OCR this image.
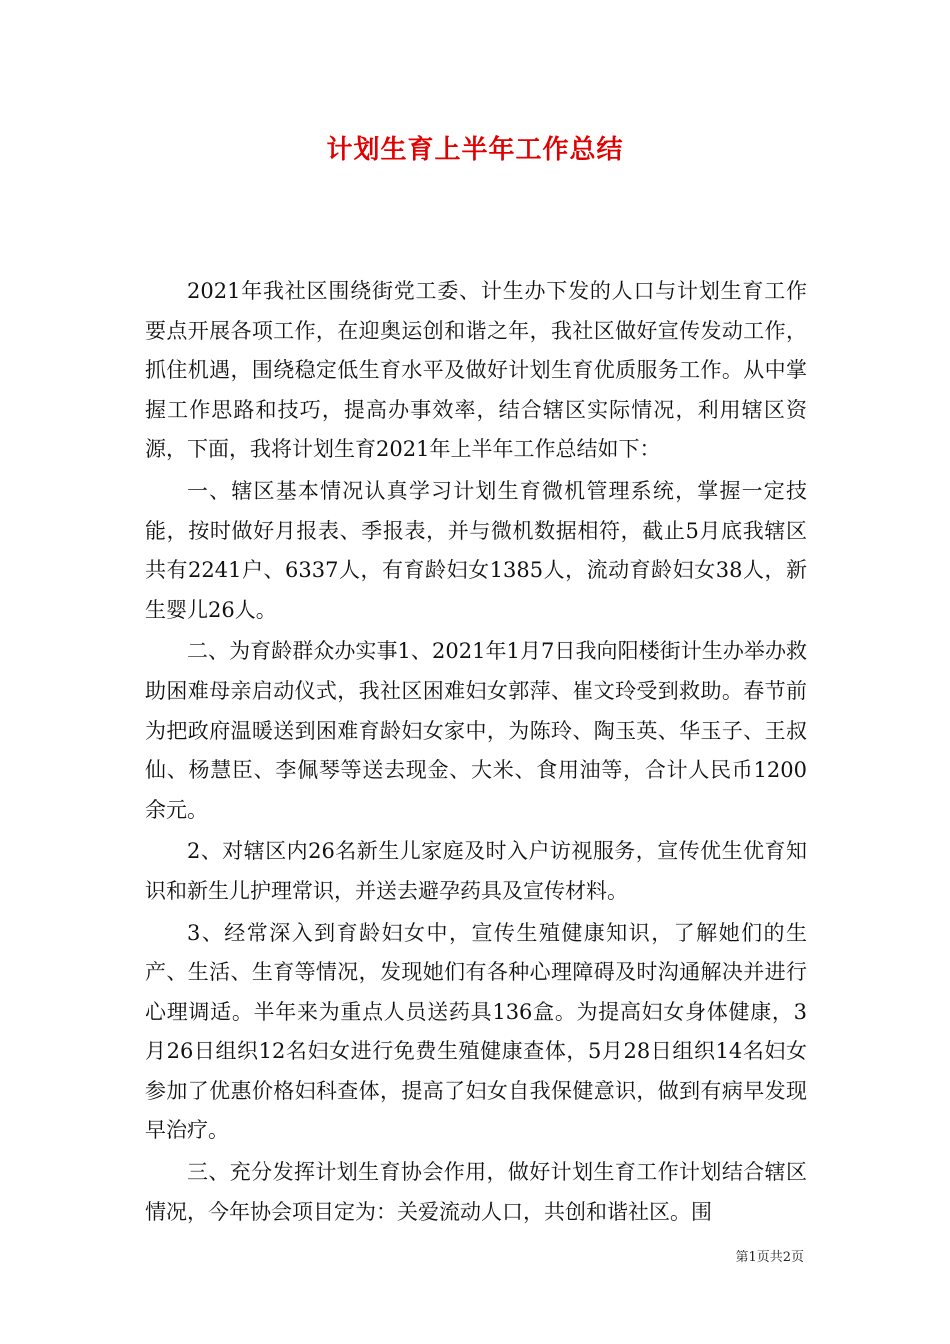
计划生育上半年工作总结

2021年我社区围绕街党工委、计生办下发的人口与计划生育工作要点开展各项工作，在迎奥运创和谐之年，我社区做好宣传发动工作，抓住机遇，围绕稳定低生育水平及做好计划生育优质服务工作。从中掌握工作思路和技巧，提高办事效率，结合辖区实际情况，利用辖区资源，下面，我将计划生育2021年上半年工作总结如下：

一、辖区基本情况认真学习计划生育微机管理系统，掌握一定技能，按时做好月报表、季报表，并与微机数据相符，截止5月底我辖区共有2241户、6337人，有育龄妇女1385人，流动育龄妇女38人，新生婴儿26人。

二、为育龄群众办实事1、2021年1月7日我向阳楼街计生办举办救助困难母亲启动仪式，我社区困难妇女郭萍、崔文玲受到救助。春节前为把政府温暖送到困难育龄妇女家中，为陈玲、陶玉英、华玉子、王叔仙、杨慧臣、李佩琴等送去现金、大米、食用油等，合计人民币1200余元。

2、对辖区内26名新生儿家庭及时入户访视服务，宣传优生优育知识和新生儿护理常识，并送去避孕药具及宣传材料。

3、经常深入到育龄妇女中，宣传生殖健康知识，了解她们的生产、生活、生育等情况，发现她们有各种心理障碍及时沟通解决并进行心理调适。半年来为重点人员送药具136盒。为提高妇女身体健康，3月26日组织12名妇女进行免费生殖健康查体，5月28日组织14名妇女参加了优惠价格妇科查体，提高了妇女自我保健意识，做到有病早发现早治疗。

三、充分发挥计划生育协会作用，做好计划生育工作计划结合辖区情况，今年协会项目定为：关爱流动人口，共创和谐社区。围

第1页共2页
